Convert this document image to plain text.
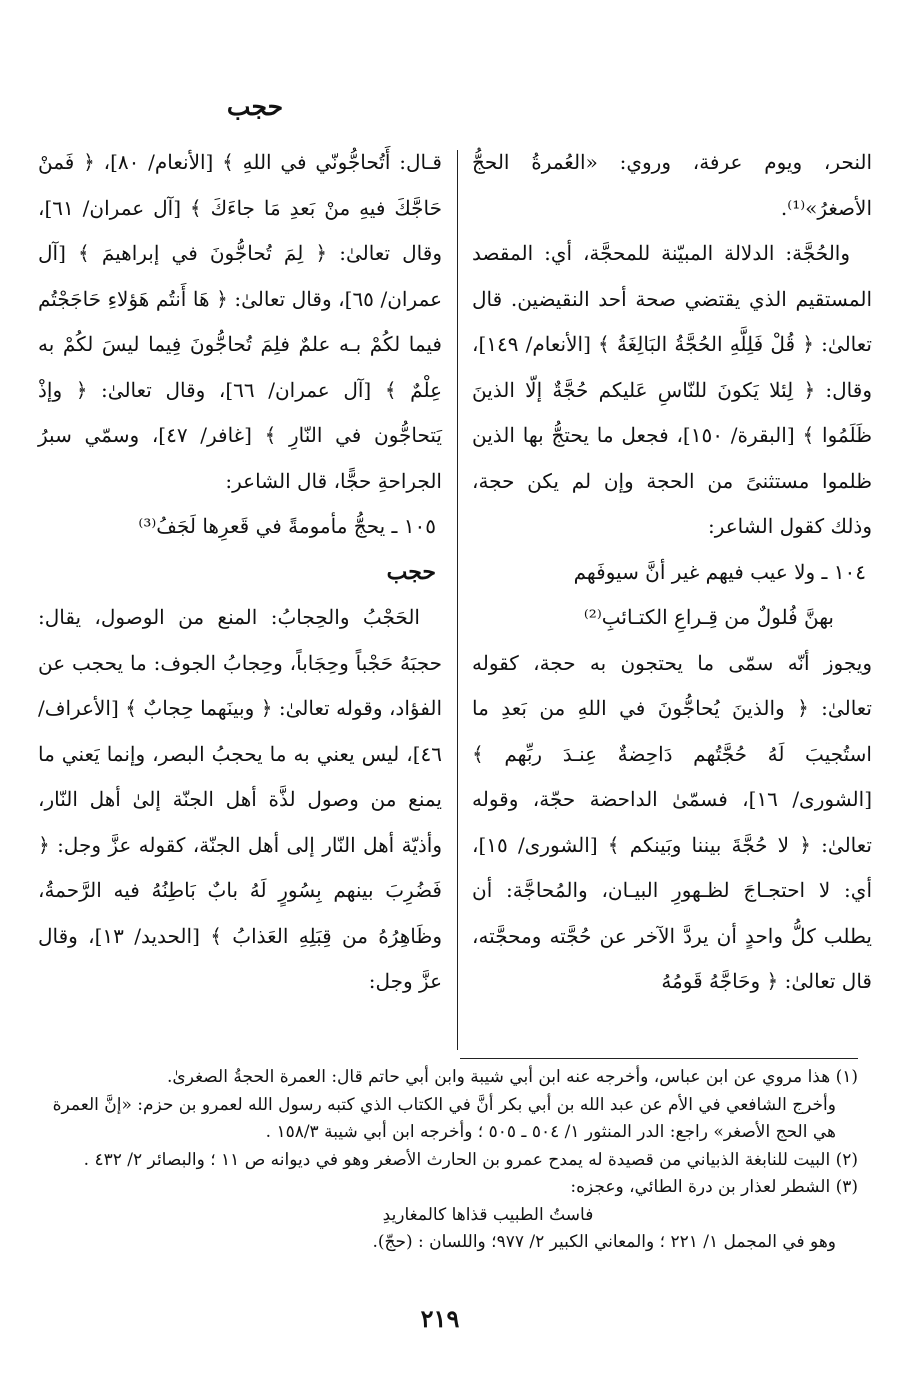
حجب

النحر، ويوم عرفة، وروي: «العُمرةُ الحجُّ الأصغرُ»⁽¹⁾.

والحُجَّة: الدلالة المبيّنة للمحجَّة، أي: المقصد المستقيم الذي يقتضي صحة أحد النقيضين. قال تعالىٰ: ﴿ قُلْ فَلِلَّهِ الحُجَّةُ البَالِغَةُ ﴾ [الأنعام/ ١٤٩]، وقال: ﴿ لِئلا يَكونَ للنّاسِ عَليكم حُجَّةٌ إلّا الذينَ ظَلَمُوا ﴾ [البقرة/ ١٥٠]، فجعل ما يحتجُّ بها الذين ظلموا مستثنىً من الحجة وإن لم يكن حجة، وذلك كقول الشاعر:

١٠٤ ـ ولا عيب فيهم غير أنَّ سيوفَهم

بهنَّ فُلولٌ من قِـراعِ الكتـائبِ⁽²⁾

ويجوز أنّه سمّى ما يحتجون به حجة، كقوله تعالىٰ: ﴿ والذينَ يُحاجُّونَ في اللهِ من بَعدِ ما استُجيبَ لَهُ حُجَّتُهم دَاحِضةٌ عِنـدَ ربِّهم ﴾ [الشورى/ ١٦]، فسمّىٰ الداحضة حجّة، وقوله تعالىٰ: ﴿ لا حُجَّةَ بيننا وبَينكم ﴾ [الشورى/ ١٥]، أي: لا احتجـاجَ لظـهورِ البيـان، والمُحاجَّة: أن يطلب كلُّ واحدٍ أن يردَّ الآخر عن حُجَّته ومحجَّته، قال تعالىٰ: ﴿ وحَاجَّهُ قَومُهُ

قـال: أَتُحاجُّونّي في اللهِ ﴾ [الأنعام/ ٨٠]، ﴿ فَمنْ حَاجَّكَ فيهِ منْ بَعدِ مَا جاءَكَ ﴾ [آل عمران/ ٦١]، وقال تعالىٰ: ﴿ لِمَ تُحاجُّونَ في إبراهيمَ ﴾ [آل عمران/ ٦٥]، وقال تعالىٰ: ﴿ هَا أَنتُم هَؤلاءِ حَاجَجْتُم فيما لكُمْ بـه علمٌ فلِمَ تُحاجُّونَ فِيما ليسَ لكُمْ به عِلْمٌ ﴾ [آل عمران/ ٦٦]، وقال تعالىٰ: ﴿ وإذْ يَتحاجُّون في النّارِ ﴾ [غافر/ ٤٧]، وسمّي سبرُ الجراحةِ حجًّا، قال الشاعر:

١٠٥ ـ يحجُّ مأمومةً في قَعرِها لَجَفُ⁽³⁾

حجب

الحَجْبُ والحِجابُ: المنع من الوصول، يقال: حجبَهُ حَجْباً وحِجَاباً، وحِجابُ الجوف: ما يحجب عن الفؤاد، وقوله تعالىٰ: ﴿ وبينَهما حِجابٌ ﴾ [الأعراف/ ٤٦]، ليس يعني به ما يحجبُ البصر، وإنما يَعني ما يمنع من وصول لذَّة أهل الجنّة إلىٰ أهل النّار، وأذيّة أهل النّار إلى أهل الجنّة، كقوله عزَّ وجل: ﴿ فَضُرِبَ بينهم بِسُورٍ لَهُ بابٌ بَاطِنُهُ فيه الرَّحمةُ، وظَاهِرُهُ من قِبَلِهِ العَذابُ ﴾ [الحديد/ ١٣]، وقال عزَّ وجل:

(١) هذا مروي عن ابن عباس، وأخرجه عنه ابن أبي شيبة وابن أبي حاتم قال: العمرة الحجةُ الصغرىٰ.

وأخرج الشافعي في الأم عن عبد الله بن أبي بكر أنَّ في الكتاب الذي كتبه رسول الله لعمرو بن حزم: «إنَّ العمرة هي الحج الأصغر» راجع: الدر المنثور ١/ ٥٠٤ ـ ٥٠٥ ؛ وأخرجه ابن أبي شيبة ١٥٨/٣ .

(٢) البيت للنابغة الذبياني من قصيدة له يمدح عمرو بن الحارث الأصغر وهو في ديوانه ص ١١ ؛ والبصائر ٢/ ٤٣٢ .

(٣) الشطر لعذار بن درة الطائي، وعجزه:

فاستُ الطبيب قذاها كالمغاريدِ

وهو في المجمل ١/ ٢٢١ ؛ والمعاني الكبير ٢/ ٩٧٧؛ واللسان : (حجّ).

٢١٩
